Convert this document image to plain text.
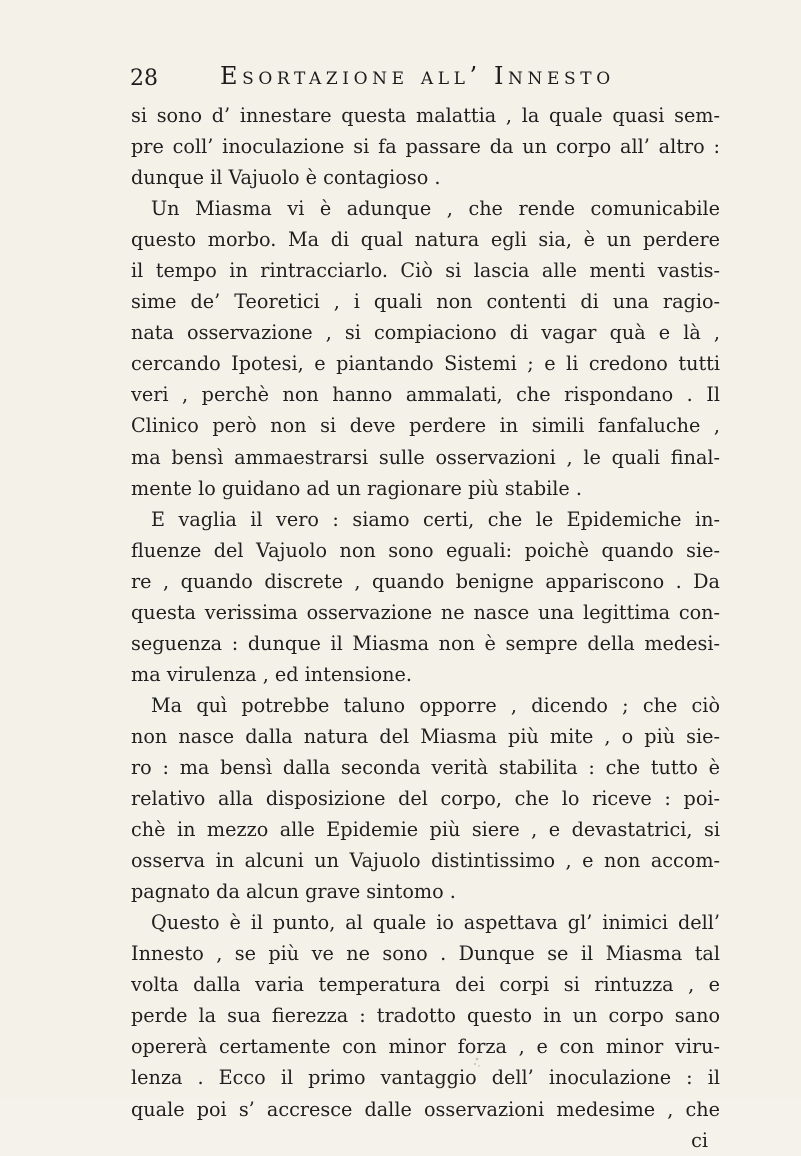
28	Esortazione all’ Innesto
si sono d’ innestare questa malattia , la quale quasi sem-
pre coll’ inoculazione si fa passare da un corpo all’ altro :
dunque il Vajuolo è contagioso .
Un Miasma vi è adunque , che rende comunicabile
questo morbo. Ma di qual natura egli sia, è un perdere
il tempo in rintracciarlo. Ciò si lascia alle menti vastis-
sime de’ Teoretici , i quali non contenti di una ragio-
nata osservazione , si compiaciono di vagar quà e là ,
cercando Ipotesi, e piantando Sistemi ; e li credono tutti
veri , perchè non hanno ammalati, che rispondano . Il
Clinico però non si deve perdere in simili fanfaluche ,
ma bensì ammaestrarsi sulle osservazioni , le quali final-
mente lo guidano ad un ragionare più stabile .
E vaglia il vero : siamo certi, che le Epidemiche in-
fluenze del Vajuolo non sono eguali: poichè quando sie-
re , quando discrete , quando benigne appariscono . Da
questa verissima osservazione ne nasce una legittima con-
seguenza : dunque il Miasma non è sempre della medesi-
ma virulenza , ed intensione.
Ma quì potrebbe taluno opporre , dicendo ; che ciò
non nasce dalla natura del Miasma più mite , o più sie-
ro : ma bensì dalla seconda verità stabilita : che tutto è
relativo alla disposizione del corpo, che lo riceve : poi-
chè in mezzo alle Epidemie più siere , e devastatrici, si
osserva in alcuni un Vajuolo distintissimo , e non accom-
pagnato da alcun grave sintomo .
Questo è il punto, al quale io aspettava gl’ inimici dell’
Innesto , se più ve ne sono . Dunque se il Miasma tal
volta dalla varia temperatura dei corpi si rintuzza , e
perde la sua fierezza : tradotto questo in un corpo sano
opererà certamente con minor forza , e con minor viru-
lenza . Ecco il primo vantaggio dell’ inoculazione : il
quale poi s’ accresce dalle osservazioni medesime , che
ci
